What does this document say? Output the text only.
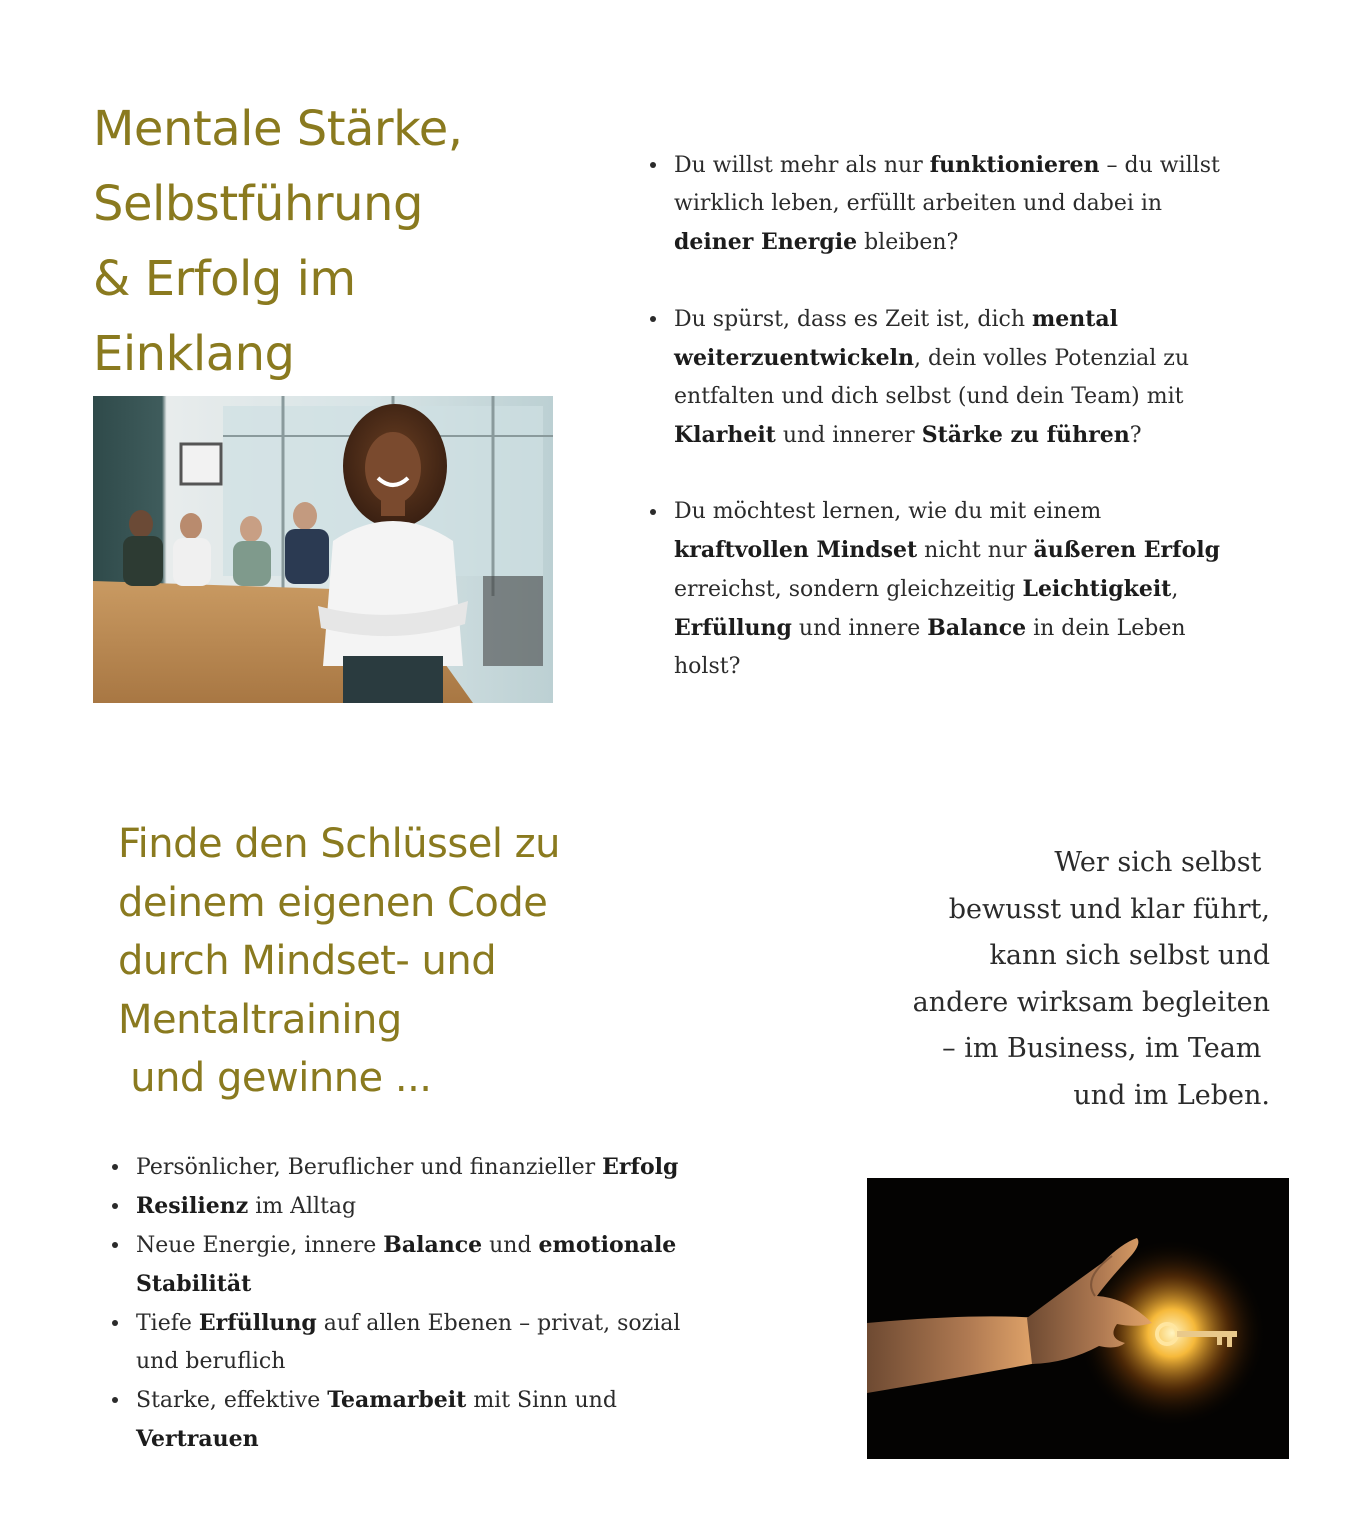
Mentale Stärke,
Selbstführung
& Erfolg im
Einklang
Du willst mehr als nur funktionieren – du willst wirklich leben, erfüllt arbeiten und dabei in deiner Energie bleiben?
Du spürst, dass es Zeit ist, dich mental weiterzuentwickeln, dein volles Potenzial zu entfalten und dich selbst (und dein Team) mit Klarheit und innerer Stärke zu führen?
Du möchtest lernen, wie du mit einem kraftvollen Mindset nicht nur äußeren Erfolg erreichst, sondern gleichzeitig Leichtigkeit, Erfüllung und innere Balance in dein Leben holst?
Finde den Schlüssel zu
deinem eigenen Code
durch Mindset- und
Mentaltraining
und gewinne ...
Persönlicher, Beruflicher und finanzieller Erfolg
Resilienz im Alltag
Neue Energie, innere Balance und emotionale Stabilität
Tiefe Erfüllung auf allen Ebenen – privat, sozial und beruflich
Starke, effektive Teamarbeit mit Sinn und Vertrauen
Wer sich selbst
bewusst und klar führt,
kann sich selbst und
andere wirksam begleiten
– im Business, im Team
und im Leben.
